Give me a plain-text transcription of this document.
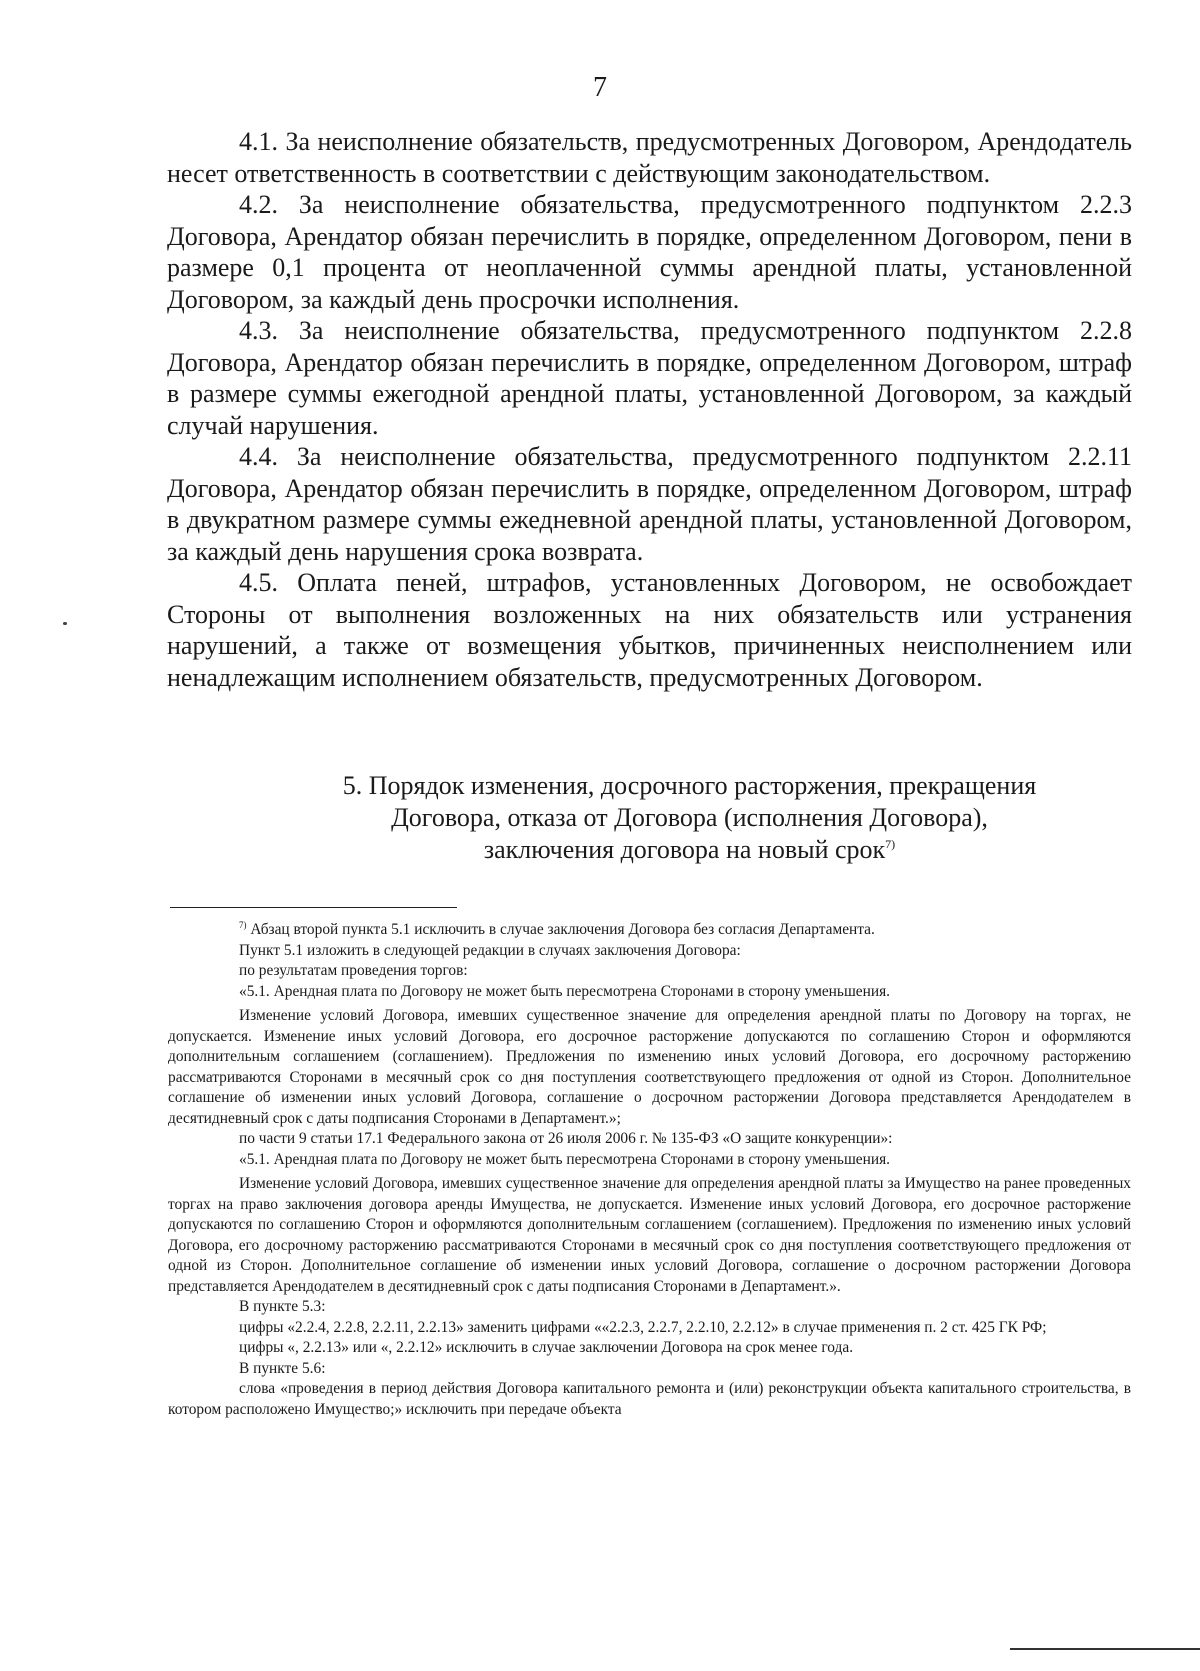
7

4.1. За неисполнение обязательств, предусмотренных Договором, Арендодатель несет ответственность в соответствии с действующим законодательством.

4.2. За неисполнение обязательства, предусмотренного подпунктом 2.2.3 Договора, Арендатор обязан перечислить в порядке, определенном Договором, пени в размере 0,1 процента от неоплаченной суммы арендной платы, установленной Договором, за каждый день просрочки исполнения.

4.3. За неисполнение обязательства, предусмотренного подпунктом 2.2.8 Договора, Арендатор обязан перечислить в порядке, определенном Договором, штраф в размере суммы ежегодной арендной платы, установленной Договором, за каждый случай нарушения.

4.4. За неисполнение обязательства, предусмотренного подпунктом 2.2.11 Договора, Арендатор обязан перечислить в порядке, определенном Договором, штраф в двукратном размере суммы ежедневной арендной платы, установленной Договором, за каждый день нарушения срока возврата.

4.5. Оплата пеней, штрафов, установленных Договором, не освобождает Стороны от выполнения возложенных на них обязательств или устранения нарушений, а также от возмещения убытков, причиненных неисполнением или ненадлежащим исполнением обязательств, предусмотренных Договором.

5. Порядок изменения, досрочного расторжения, прекращения
Договора, отказа от Договора (исполнения Договора),
заключения договора на новый срок$^{7)}$

$^{7)}$ Абзац второй пункта 5.1 исключить в случае заключения Договора без согласия Департамента.

Пункт 5.1 изложить в следующей редакции в случаях заключения Договора:

по результатам проведения торгов:

«5.1. Арендная плата по Договору не может быть пересмотрена Сторонами в сторону уменьшения.

Изменение условий Договора, имевших существенное значение для определения арендной платы по Договору на торгах, не допускается. Изменение иных условий Договора, его досрочное расторжение допускаются по соглашению Сторон и оформляются дополнительным соглашением (соглашением). Предложения по изменению иных условий Договора, его досрочному расторжению рассматриваются Сторонами в месячный срок со дня поступления соответствующего предложения от одной из Сторон. Дополнительное соглашение об изменении иных условий Договора, соглашение о досрочном расторжении Договора представляется Арендодателем в десятидневный срок с даты подписания Сторонами в Департамент.»;

по части 9 статьи 17.1 Федерального закона от 26 июля 2006 г. № 135-ФЗ «О защите конкуренции»:

«5.1. Арендная плата по Договору не может быть пересмотрена Сторонами в сторону уменьшения.

Изменение условий Договора, имевших существенное значение для определения арендной платы за Имущество на ранее проведенных торгах на право заключения договора аренды Имущества, не допускается. Изменение иных условий Договора, его досрочное расторжение допускаются по соглашению Сторон и оформляются дополнительным соглашением (соглашением). Предложения по изменению иных условий Договора, его досрочному расторжению рассматриваются Сторонами в месячный срок со дня поступления соответствующего предложения от одной из Сторон. Дополнительное соглашение об изменении иных условий Договора, соглашение о досрочном расторжении Договора представляется Арендодателем в десятидневный срок с даты подписания Сторонами в Департамент.».

В пункте 5.3:

цифры «2.2.4, 2.2.8, 2.2.11, 2.2.13» заменить цифрами ««2.2.3, 2.2.7, 2.2.10, 2.2.12» в случае применения п. 2 ст. 425 ГК РФ;

цифры «, 2.2.13» или «, 2.2.12» исключить в случае заключении Договора на срок менее года.

В пункте 5.6:

слова «проведения в период действия Договора капитального ремонта и (или) реконструкции объекта капитального строительства, в котором расположено Имущество;» исключить при передаче объекта
